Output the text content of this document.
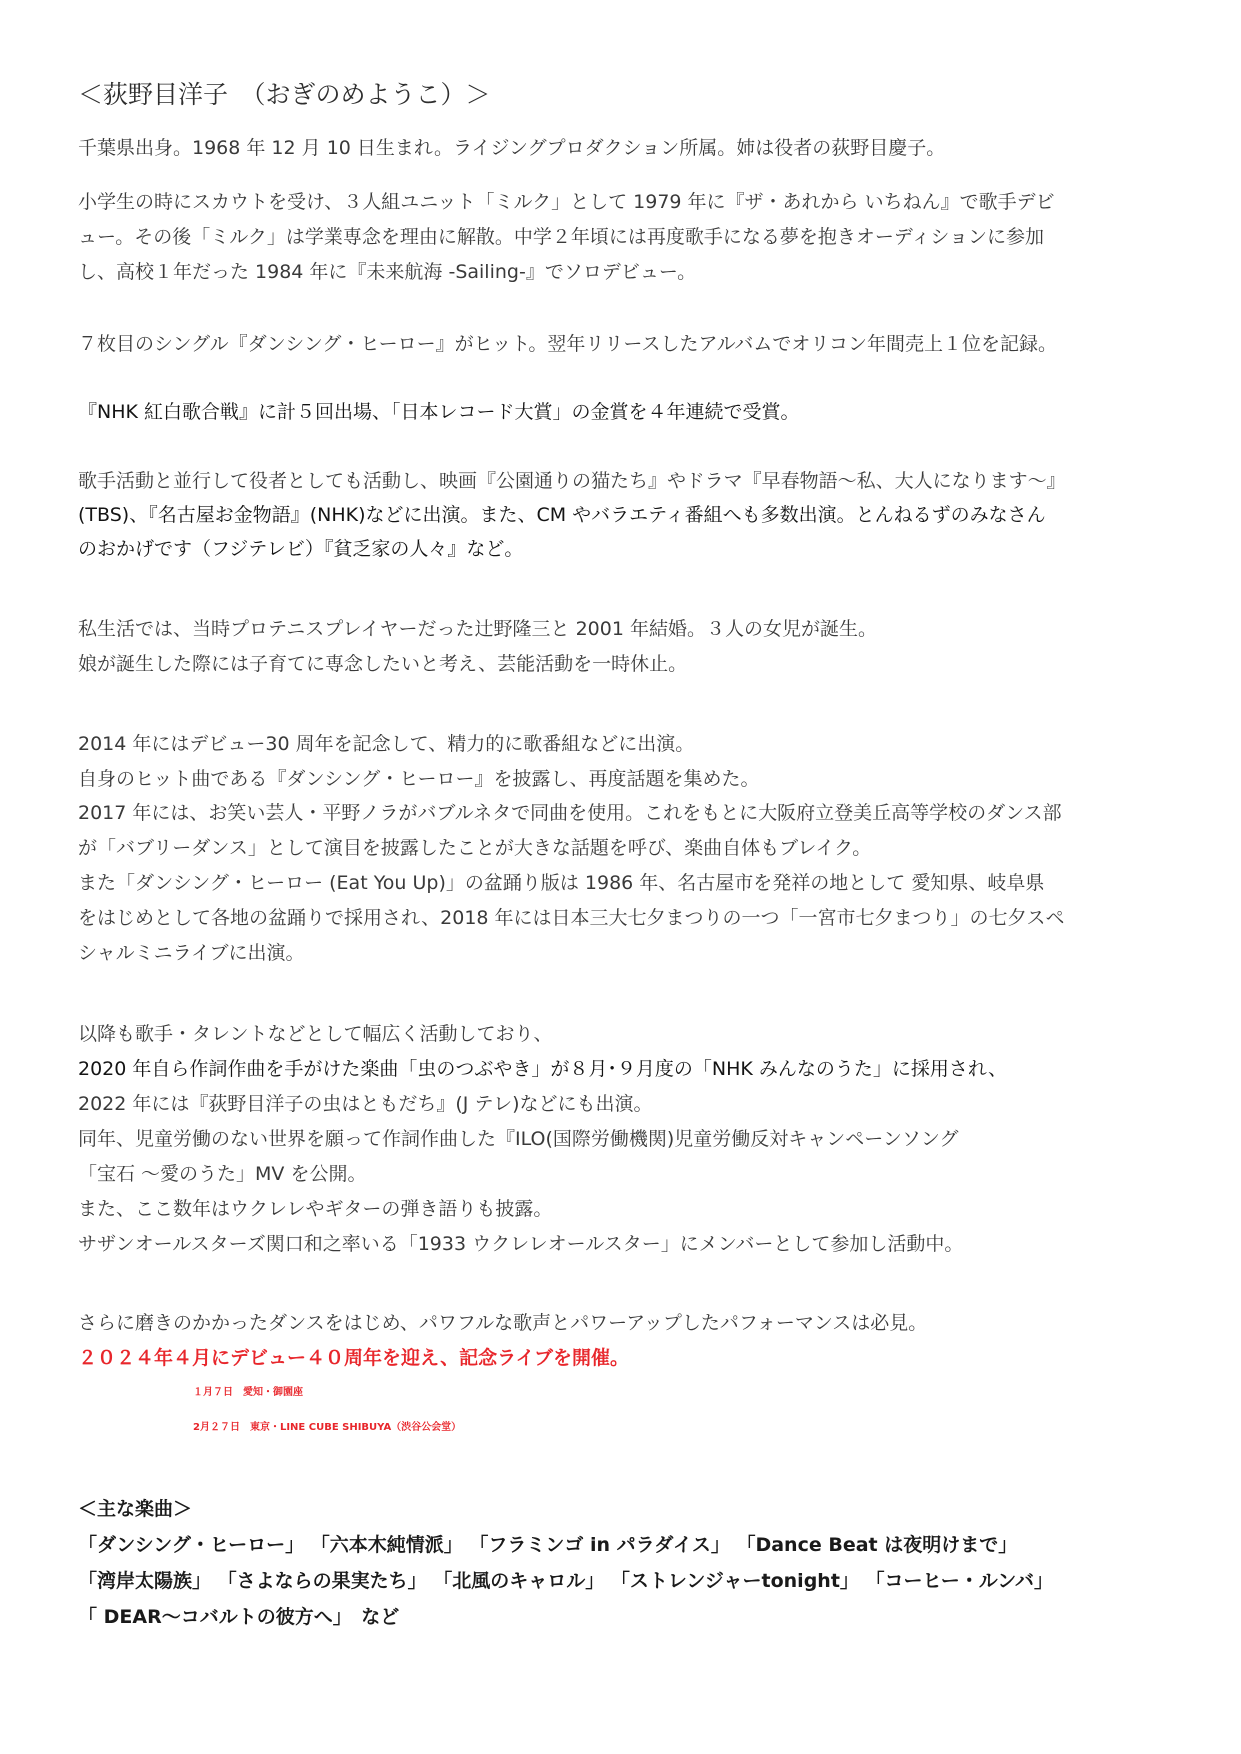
＜荻野目洋子　（おぎのめようこ）＞
千葉県出身。1968 年 12 月 10 日生まれ。ライジングプロダクション所属。姉は役者の荻野目慶子。
小学生の時にスカウトを受け、３人組ユニット「ミルク」として 1979 年に『ザ・あれから いちねん』で歌手デビ
ュー。その後「ミルク」は学業専念を理由に解散。中学２年頃には再度歌手になる夢を抱きオーディションに参加
し、高校１年だった 1984 年に『未来航海 -Sailing-』でソロデビュー。
７枚目のシングル『ダンシング・ヒーロー』がヒット。翌年リリースしたアルバムでオリコン年間売上１位を記録。
『NHK 紅白歌合戦』に計５回出場、「日本レコード大賞」の金賞を４年連続で受賞。
歌手活動と並行して役者としても活動し、映画『公園通りの猫たち』やドラマ『早春物語～私、大人になります～』
(TBS)、『名古屋お金物語』(NHK)などに出演。また、CM やバラエティ番組へも多数出演。とんねるずのみなさん
のおかげです（フジテレビ）『貧乏家の人々』など。
私生活では、当時プロテニスプレイヤーだった辻野隆三と 2001 年結婚。３人の女児が誕生。
娘が誕生した際には子育てに専念したいと考え、芸能活動を一時休止。
2014 年にはデビュー30 周年を記念して、精力的に歌番組などに出演。
自身のヒット曲である『ダンシング・ヒーロー』を披露し、再度話題を集めた。
2017 年には、お笑い芸人・平野ノラがバブルネタで同曲を使用。これをもとに大阪府立登美丘高等学校のダンス部
が「バブリーダンス」として演目を披露したことが大きな話題を呼び、楽曲自体もブレイク。
また「ダンシング・ヒーロー (Eat You Up)」の盆踊り版は 1986 年、名古屋市を発祥の地として 愛知県、岐阜県
をはじめとして各地の盆踊りで採用され、2018 年には日本三大七夕まつりの一つ「一宮市七夕まつり」の七夕スペ
シャルミニライブに出演。
以降も歌手・タレントなどとして幅広く活動しており、
2020 年自ら作詞作曲を手がけた楽曲「虫のつぶやき」が８月･９月度の「NHK みんなのうた」に採用され、
2022 年には『荻野目洋子の虫はともだち』(J テレ)などにも出演。
同年、児童労働のない世界を願って作詞作曲した『ILO(国際労働機関)児童労働反対キャンペーンソング
「宝石 ～愛のうた」MV を公開。
また、ここ数年はウクレレやギターの弾き語りも披露。
サザンオールスターズ関口和之率いる「1933 ウクレレオールスター」にメンバーとして参加し活動中。
さらに磨きのかかったダンスをはじめ、パワフルな歌声とパワーアップしたパフォーマンスは必見。
２０２４年４月にデビュー４０周年を迎え、記念ライブを開催。
１月７日　愛知・御園座
2月２７日　東京・LINE CUBE SHIBUYA（渋谷公会堂）
＜主な楽曲＞
「ダンシング・ヒーロー」 「六本木純情派」 「フラミンゴ in パラダイス」 「Dance Beat は夜明けまで」
「湾岸太陽族」 「さよならの果実たち」 「北風のキャロル」 「ストレンジャーtonight」 「コーヒー・ルンバ」
「 DEAR～コバルトの彼方へ」　など
